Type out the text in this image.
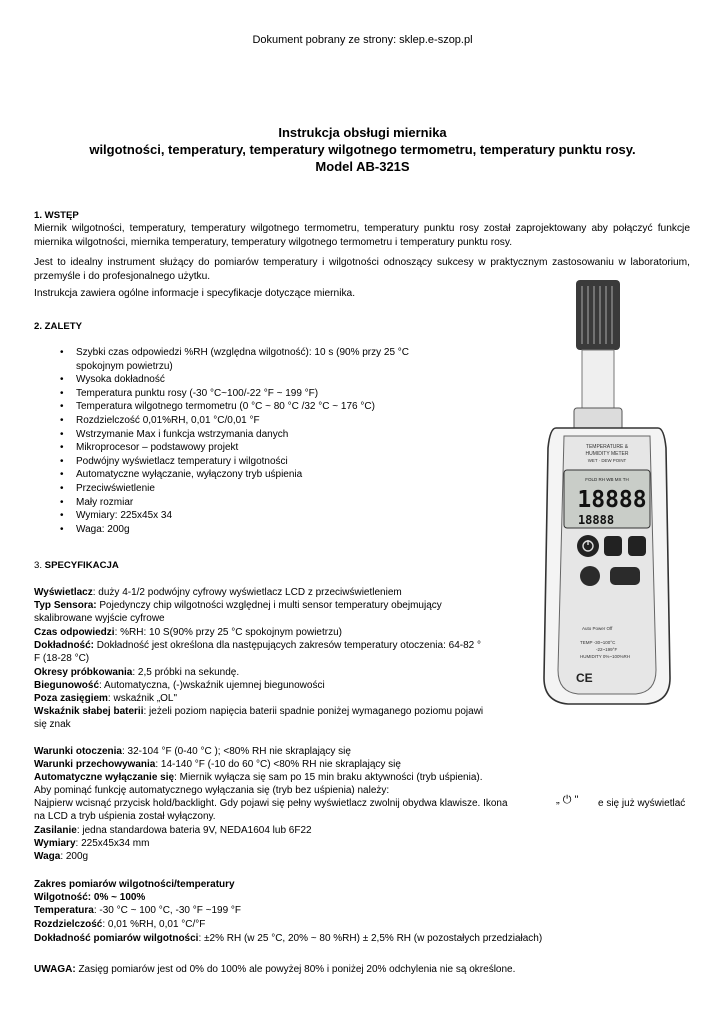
Dokument pobrany ze strony: sklep.e-szop.pl
Instrukcja obsługi miernika
wilgotności, temperatury, temperatury wilgotnego termometru, temperatury punktu rosy.
Model AB-321S
1. WSTĘP
Miernik wilgotności, temperatury, temperatury wilgotnego termometru, temperatury punktu rosy został zaprojektowany aby połączyć funkcje miernika wilgotności, miernika temperatury, temperatury wilgotnego termometru i temperatury punktu rosy.
Jest to idealny instrument służący do pomiarów temperatury i wilgotności odnoszący sukcesy w praktycznym zastosowaniu w laboratorium, przemyśle i do profesjonalnego użytku.
Instrukcja zawiera ogólne informacje i specyfikacje dotyczące miernika.
2. ZALETY
• Szybki czas odpowiedzi %RH (względna wilgotność): 10 s (90% przy 25 °C spokojnym powietrzu)
• Wysoka dokładność
• Temperatura punktu rosy (-30 °C~100/-22 °F ~ 199 °F)
• Temperatura wilgotnego termometru (0 °C ~ 80 °C /32 °C ~ 176 °C)
• Rozdzielczość 0,01%RH, 0,01 °C/0,01 °F
• Wstrzymanie Max i funkcja wstrzymania danych
• Mikroprocesor – podstawowy projekt
• Podwójny wyświetlacz temperatury i wilgotności
• Automatyczne wyłączanie, wyłączony tryb uśpienia
• Przeciwświetlenie
• Mały rozmiar
• Wymiary: 225x45x 34
• Waga: 200g
3. SPECYFIKACJA
Wyświetlacz: duży 4-1/2 podwójny cyfrowy wyświetlacz LCD z przeciwświetleniem
Typ Sensora: Pojedynczy chip wilgotności względnej i multi sensor temperatury obejmujący
skalibrowane wyjście cyfrowe
Czas odpowiedzi: %RH: 10 S(90% przy 25 °C spokojnym powietrzu)
Dokładność: Dokładność jest określona dla następujących zakresów temperatury otoczenia: 64-82 °
F (18-28 °C)
Okresy próbkowania: 2,5 próbki na sekundę.
Biegunowość: Automatyczna, (-)wskaźnik ujemnej biegunowości
Poza zasięgiem: wskaźnik „OL"
Wskaźnik słabej baterii: jeżeli poziom napięcia baterii spadnie poniżej wymaganego poziomu pojawi
się znak
Warunki otoczenia: 32-104 °F (0-40 °C ); <80% RH nie skraplający się
Warunki przechowywania: 14-140 °F (-10 do 60 °C) <80% RH nie skraplający się
Automatyczne wyłączanie się: Miernik wyłącza się sam po 15 min braku aktywności (tryb uśpienia).
Aby pominąć funkcję automatycznego wyłączania się (tryb bez uśpienia) należy:
Najpierw wcisnąć przycisk hold/backlight. Gdy pojawi się pełny wyświetlacz zwolnij obydwa klawisze. Ikona	„ ⏻ " e się już wyświetlać
na LCD a tryb uśpienia został wyłączony.
Zasilanie: jedna standardowa bateria 9V, NEDA1604 lub 6F22
Wymiary: 225x45x34 mm
Waga: 200g
Zakres pomiarów wilgotności/temperatury
Wilgotność: 0% ~ 100%
Temperatura: -30 °C ~ 100 °C, -30 °F ~199 °F
Rozdzielczość: 0,01 %RH, 0,01 °C/°F
Dokładność pomiarów wilgotności: ±2% RH (w 25 °C, 20% ~ 80 %RH) ± 2,5% RH (w pozostałych przedziałach)
UWAGA: Zasięg pomiarów jest od 0% do 100% ale powyżej 80% i poniżej 20% odchylenia nie są określone.
TEMPERATURE &
HUMIDITY METER
WET · DEW POINT
FOLD RH WB MX TH
18888
18888
Auto Power Off
TEMP -30~100°C
-22~199°F
HUMIDITY 0%~100%RH
CE
